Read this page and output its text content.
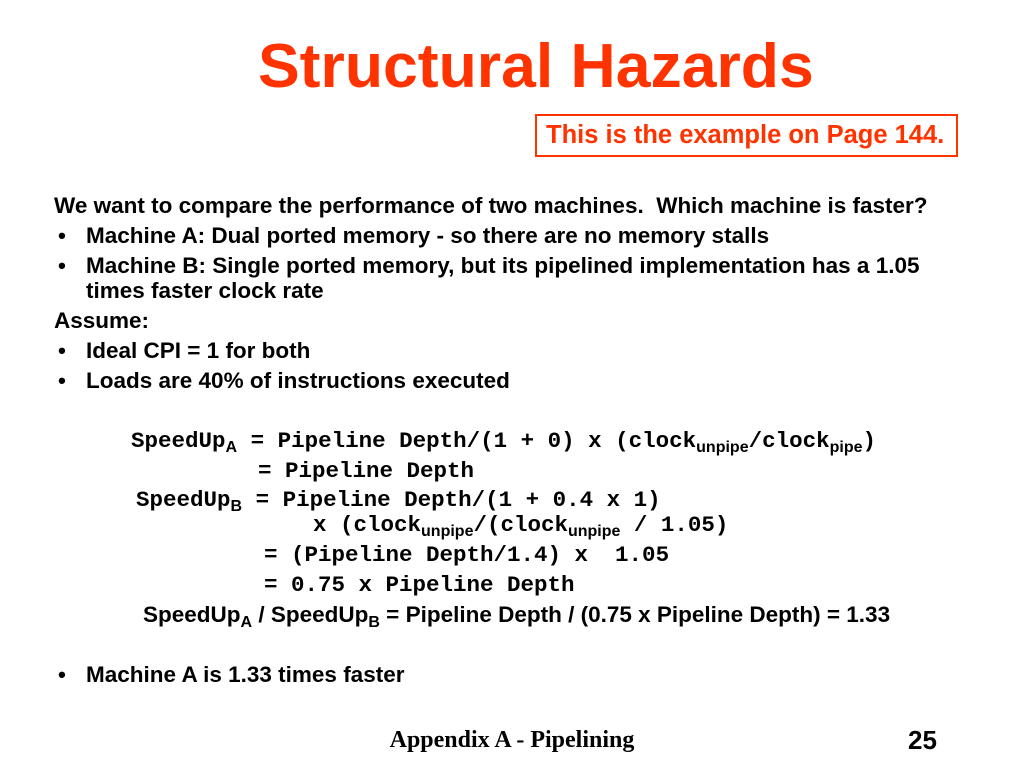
Structural Hazards
This is the example on Page 144.
We want to compare the performance of two machines.  Which machine is faster?
• Machine A: Dual ported memory - so there are no memory stalls
• Machine B: Single ported memory, but its pipelined implementation has a 1.05 times faster clock rate
Assume:
• Ideal CPI = 1 for both
• Loads are 40% of instructions executed
SpeedUp$_A$ = Pipeline Depth/(1 + 0) x (clock$_{unpipe}$/clock$_{pipe}$)
= Pipeline Depth
SpeedUp$_B$ = Pipeline Depth/(1 + 0.4 x 1)
x (clock$_{unpipe}$/(clock$_{unpipe}$ / 1.05)
= (Pipeline Depth/1.4) x  1.05
= 0.75 x Pipeline Depth
SpeedUp$_A$ / SpeedUp$_B$ = Pipeline Depth / (0.75 x Pipeline Depth) = 1.33
• Machine A is 1.33 times faster
Appendix A - Pipelining	25
